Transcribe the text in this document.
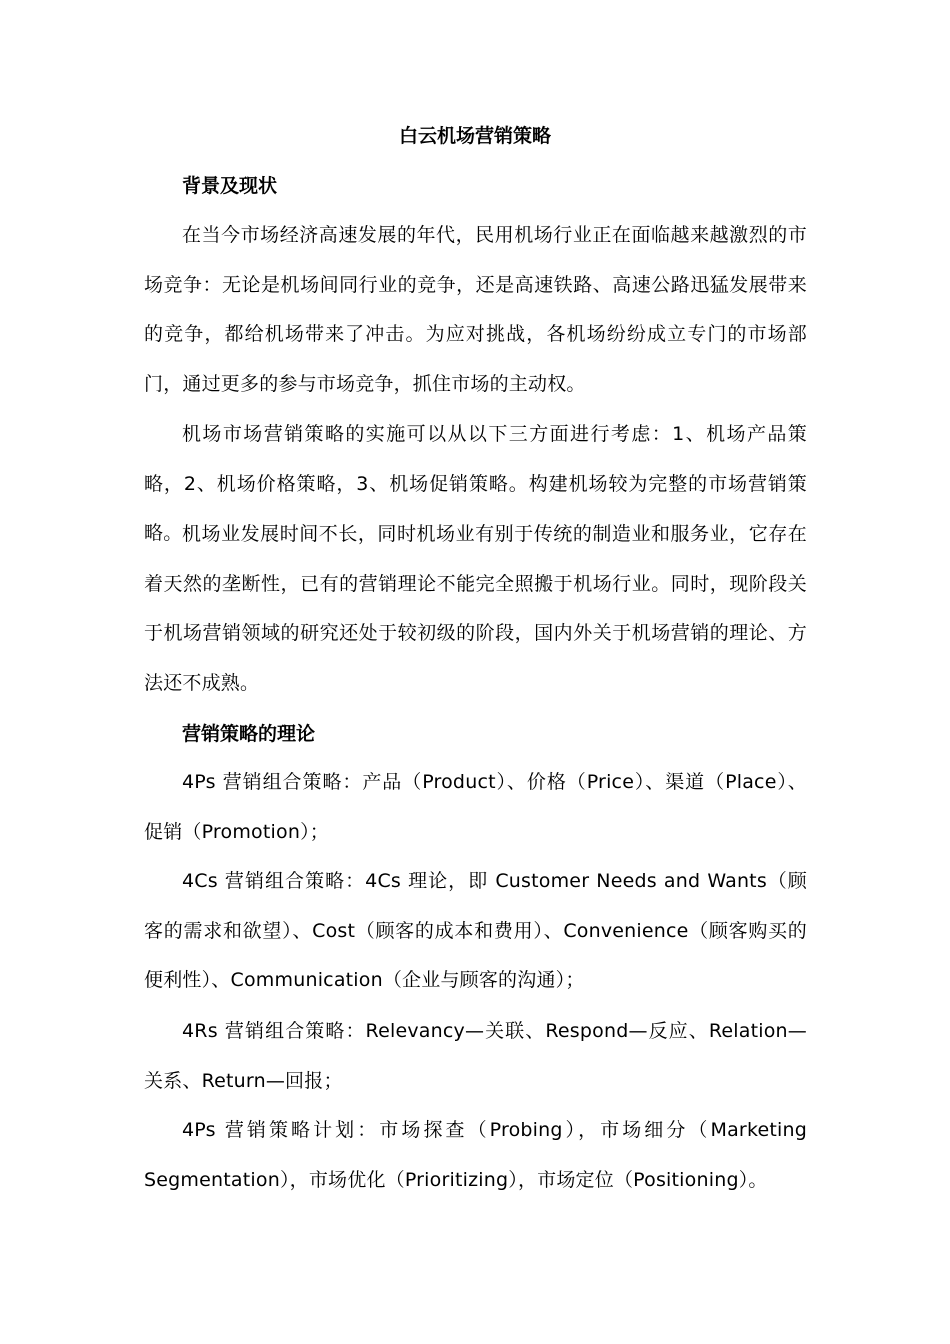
白云机场营销策略
背景及现状

在当今市场经济高速发展的年代，民用机场行业正在面临越来越激烈的市场竞争：无论是机场间同行业的竞争，还是高速铁路、高速公路迅猛发展带来的竞争，都给机场带来了冲击。为应对挑战，各机场纷纷成立专门的市场部门，通过更多的参与市场竞争，抓住市场的主动权。

机场市场营销策略的实施可以从以下三方面进行考虑：1、机场产品策略，2、机场价格策略，3、机场促销策略。构建机场较为完整的市场营销策略。 机场业发展时间不长，同时机场业有别于传统的制造业和服务业，它存在着天然的垄断性，已有的营销理论不能完全照搬于机场行业。同时，现阶段关于机场营销领域的研究还处于较初级的阶段，国内外关于机场营销的理论、方法还不成熟。

营销策略的理论

4Ps 营销组合策略：产品（Product）、价格（Price）、渠道（Place）、促销（Promotion）；

4Cs 营销组合策略：4Cs 理论，即 Customer Needs and Wants（顾客的需求和欲望）、Cost（顾客的成本和费用）、Convenience（顾客购买的便利性）、Communication（企业与顾客的沟通）；

4Rs 营销组合策略：Relevancy—关联、Respond—反应、Relation—关系、Return—回报；

4Ps 营销策略计划：市场探查（Probing），市场细分（Marketing Segmentation），市场优化（Prioritizing），市场定位（Positioning）。
